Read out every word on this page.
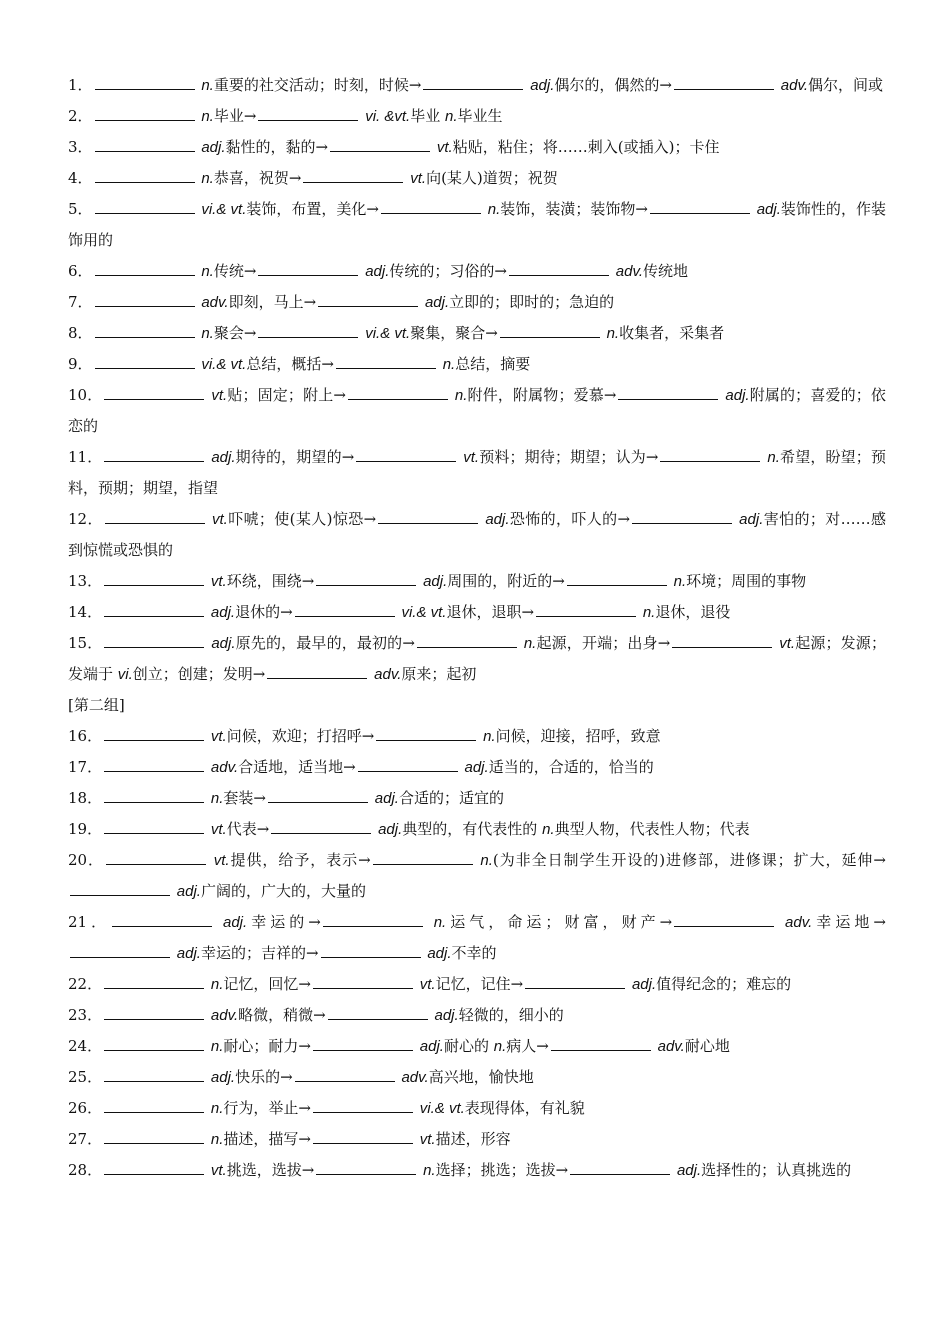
1．	n.重要的社交活动；时刻，时候→	adj.偶尔的，偶然的→	adv.偶尔，间或

2．	n.毕业→	vi. &vt.毕业 n.毕业生

3．	adj.黏性的，黏的→	vt.粘贴，粘住；将……刺入(或插入)；卡住

4．	n.恭喜，祝贺→	vt.向(某人)道贺；祝贺

5．	vi.& vt.装饰，布置，美化→	n.装饰，装潢；装饰物→	adj.装饰性的，作装饰用的

6．	n.传统→	adj.传统的；习俗的→	adv.传统地

7．	adv.即刻，马上→	adj.立即的；即时的；急迫的

8．	n.聚会→	vi.& vt.聚集，聚合→	n.收集者，采集者

9．	vi.& vt.总结，概括→	n.总结，摘要

10．	vt.贴；固定；附上→	n.附件，附属物；爱慕→	adj.附属的；喜爱的；依恋的

11．	adj.期待的，期望的→	vt.预料；期待；期望；认为→	n.希望，盼望；预料，预期；期望，指望

12．	vt.吓唬；使(某人)惊恐→	adj.恐怖的，吓人的→	adj.害怕的；对……感到惊慌或恐惧的

13．	vt.环绕，围绕→	adj.周围的，附近的→	n.环境；周围的事物

14．	adj.退休的→	vi.& vt.退休，退职→	n.退休，退役

15．	adj.原先的，最早的，最初的→	n.起源，开端；出身→	vt.起源；发源；发端于 vi.创立；创建；发明→	adv.原来；起初

[第二组]

16．	vt.问候，欢迎；打招呼→	n.问候，迎接，招呼，致意

17．	adv.合适地，适当地→	adj.适当的，合适的，恰当的

18．	n.套装→	adj.合适的；适宜的

19．	vt.代表→	adj.典型的，有代表性的 n.典型人物，代表性人物；代表

20．	vt.提供，给予，表示→	n.(为非全日制学生开设的)进修部，进修课；扩大，延伸→ adj.广阔的，广大的，大量的

21．	adj.幸运的→	n.运气，命运；财富，财产→	adv.幸运地→ adj.幸运的；吉祥的→	adj.不幸的

22．	n.记忆，回忆→	vt.记忆，记住→	adj.值得纪念的；难忘的

23．	adv.略微，稍微→	adj.轻微的，细小的

24．	n.耐心；耐力→	adj.耐心的 n.病人→	adv.耐心地

25．	adj.快乐的→	adv.高兴地，愉快地

26．	n.行为，举止→	vi.& vt.表现得体，有礼貌

27．	n.描述，描写→	vt.描述，形容

28．	vt.挑选，选拔→	n.选择；挑选；选拔→	adj.选择性的；认真挑选的
